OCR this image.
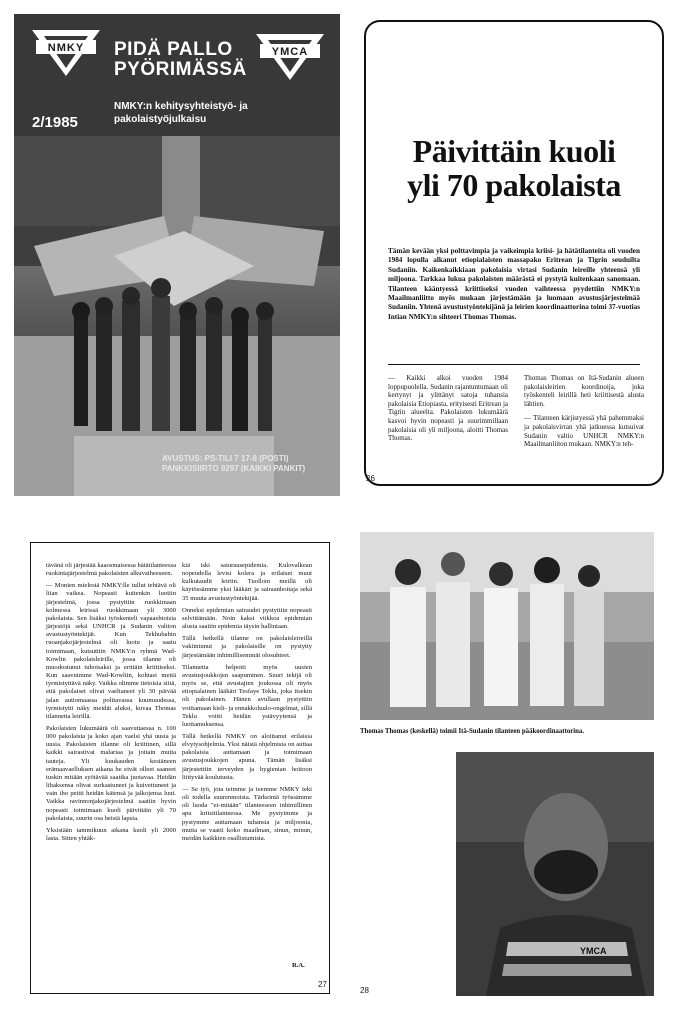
NMKY	PIDÄ PALLO
PYÖRIMÄSSÄ
YMCA
2/1985
NMKY:n kehitysyhteistyö- ja
pakolaistyöjulkaisu
AVUSTUS: PS-TILI 7 17-8 (POSTI)
PANKKISIIRTO 9297 (KAIKKI PANKIT)
Päivittäin kuoli
yli 70 pakolaista
Tämän kevään yksi polttavimpia ja vaikeimpia kriisi- ja hätätilanteita oli vuoden 1984 lopulla alkanut etiopialaisten massapako Eritrean ja Tigrin seuduilta Sudaniin. Kaikenkaikkiaan pakolaisia virtasi Sudanin leireille yhteensä yli miljoona. Tarkkaa lukua pakolaisten määrästä ei pystytä kuitenkaan sanomaan. Tilanteen kääntyessä kriittiseksi vuoden vaihteessa pyydettiin NMKY:n Maailmanliitto myös mukaan järjestämään ja luomaan avustusjärjestelmää Sudaniin. Yhtenä avustustyöntekijänä ja leirien koordinaattorina toimi 37-vuotias Intian NMKY:n sihteeri Thomas Thomas.
— Kaikki alkoi vuoden 1984 loppupuolella. Sudanin rajantuntumaan oli kertynyt ja ylittänyt satoja tuhansia pakolaisia Etiopiasta, erityisesti Eritrean ja Tigrin alueelta. Pakolaisten lukumäärä kasvoi hyvin nopeasti ja suurimmillaan pakolaisia oli yli miljoona, aloitti Thomas Thomas.
Thomas Thomas on Itä-Sudanin alueen pakolaisleirien koordinoija, joka työskenteli leirillä heti kriittisestä alusta lähtien.
— Tilanteen kärjistyessä yhä pahemmaksi ja pakolaisvirran yhä jatkuessa kutsuivat Sudanin valtio UNHCR NMKY:n Maailmanliiton mukaan. NMKY:n teh-
26

tävänä oli järjestää kaaosmaisessa hätätilanteessa ruokintajärjestelmä pakolaisten alkuvaiheeseen.

— Monien mielestä NMKY:lle tullut tehtävä oli liian vaikea. Nopeasti kuitenkin luotiin järjestelmä, jossa pystyttiin ruokkimaan kolmessa leirissä ruokkimaan yli 3000 pakolaista. Sen lisäksi työskenteli vapaaehtoisia järjestöjä sekä UNHCR ja Sudanin valtion avustustyöntekijät. Kun Tekhubabin ruoanjakojärjestelmä oli luotu ja saatu toimimaan, kutsuttiin NMKY:n ryhmä Wad-Kowlin pakolaisleirille, jossa tilanne oli muodostunut tuhoisaksi ja erittäin kriittiseksi. Kun saavuimme Wad-Kowliin, kohtasi meitä tyrmistyttävä näky. Vaikka olimme tietoisia siitä, että pakolaiset olivat vaeltaneet yli 30 päivää jalan autiomaassa polttavassa kuumuudessa, tyrmistytti näky meidät aluksi, kuvaa Thomas tilannetta leirillä.

Pakolaisten lukumäärä oli saavuttaessa n. 100 000 pakolaista ja koko ajan vaelsi yhä uusia ja uusia. Pakolaisten tilanne oli kriittinen, sillä kaikki sairastivat malariaa ja joitain muita tauteja. Yli kuukauden kestäneen erämaavaelluksen aikana he eivät olleet saaneet tuskin mitään syötävää saatika juotavaa. Heidän lihaksensa olivat surkastuneet ja kuivettuneet ja vain iho peitti heidän kätensä ja jalkojensa luut. Vaikka ravinnonjakojärjestelmä saatiin hyvin nopeasti toimimaan kuoli päivittäin yli 70 pakolaista, suurin osa heistä lapsia.

Yksistään tammikuun aikana kuoli yli 2000 lasta. Sitten yhtäk-

kiä iski saiurausepidemia. Kulovalkean nopeudella levisi kolera ja erilaiset muut kulkutaudit leiriin. Tuolloin meillä oli käytössämme yksi lääkäri ja sairaanhoitaja sekä 35 muuta avustustyöntekijää.

Onneksi epidemian sairaudet pystyttiin nopeasti selvittämään. Noin kaksi viikkoa epidemian alusta saatiin epidemia täysin hallintaan.

Tällä hetkellä tilanne on pakolaisleireillä vakiintunut ja pakolaisille on pystytty järjestämään inhimillisemmät olosuhteet.

Tilannetta helpotti myös uusien avustusjoukkojen saapuminen. Suuri tekijä oli myös se, että avustajien joukossa oli myös etiopialainen lääkäri Tesfaye Teklu, joka itsekin oli pakolainen. Hänen avullaan pystyttiin voittamaan kieli- ja ennakkoluulo-ongelmat, sillä Teklu voitti heidän ystävyytensä ja luottamuksensa.

Tällä hetkellä NMKY on aloittanut erilaisia elvytysohjelmia. Yksi näistä ohjelmista on auttaa pakolaisia auttamaan ja toimimaan avustusjoukkojen apuna. Tämän lisäksi järjestettiin terveyden ja hygienian hoitoon liittyvää koulutusta.

— Se työ, jota teimme ja teemme NMKY teki oli todella suurenmoista. Tärkeintä työssämme oli luoda "ei-mitään" tilanteeseen inhimillinen apu kriisitilanteessa. Me pystyimme ja pystymme auttamaan tuhansia ja miljoonia, mutta se vaatii koko maailman, sinun, minun, meidän kaikkien osallistumista.

R.A.
27
Thomas Thomas (keskellä) toimii Itä-Sudanin tilanteen pääkoordinaattorina.
YMCA
28
